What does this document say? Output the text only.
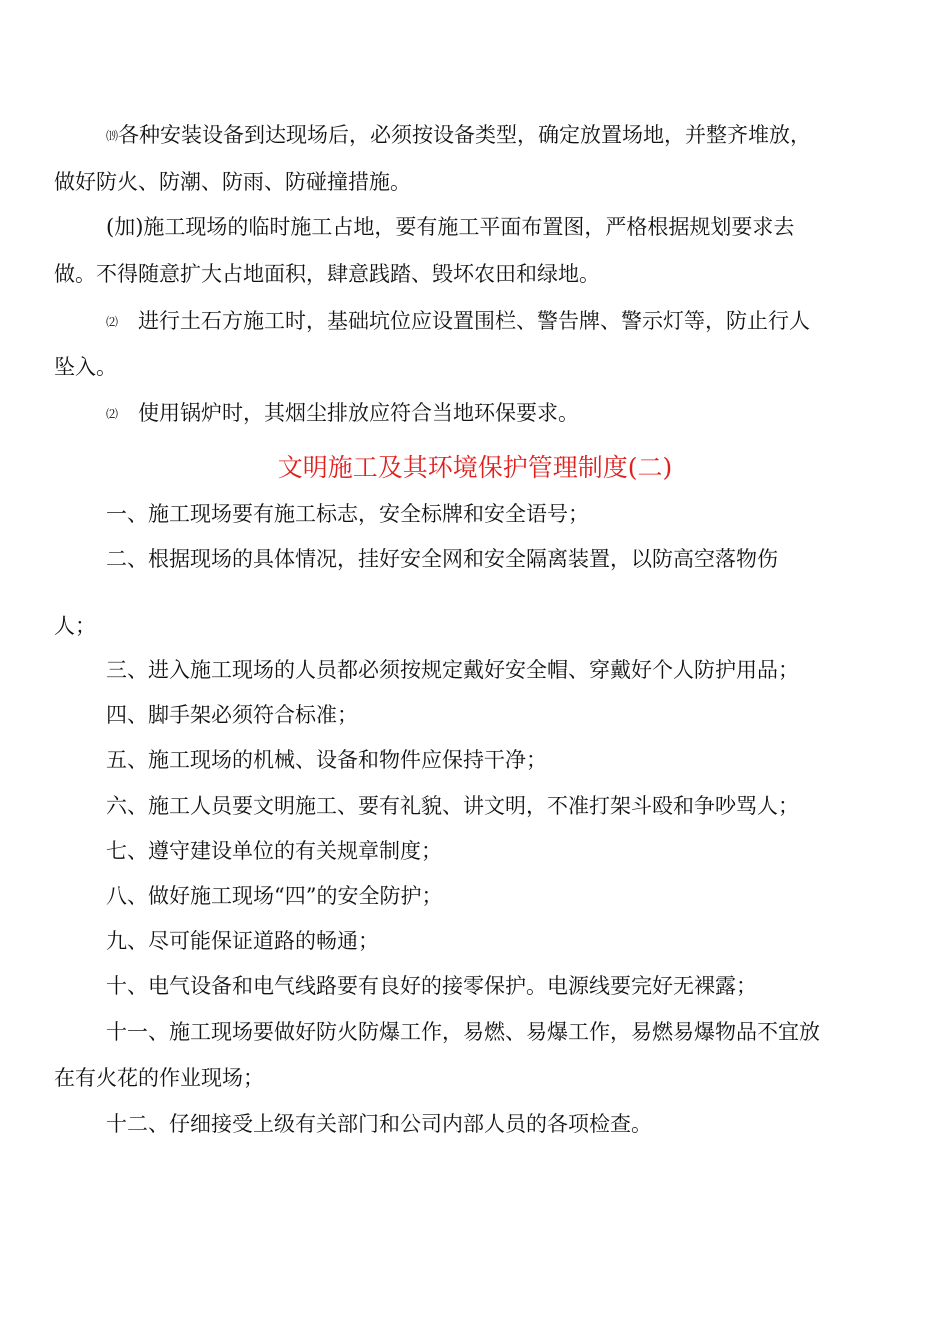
⒆各种安装设备到达现场后，必须按设备类型，确定放置场地，并整齐堆放，
做好防火、防潮、防雨、防碰撞措施。
(加)施工现场的临时施工占地，要有施工平面布置图，严格根据规划要求去
做。不得随意扩大占地面积，肆意践踏、毁坏农田和绿地。
⑵ 进行土石方施工时，基础坑位应设置围栏、警告牌、警示灯等，防止行人
坠入。
⑵ 使用锅炉时，其烟尘排放应符合当地环保要求。
文明施工及其环境保护管理制度(二)
一、施工现场要有施工标志，安全标牌和安全语号；
二、根据现场的具体情况，挂好安全网和安全隔离装置，以防高空落物伤
人；
三、进入施工现场的人员都必须按规定戴好安全帽、穿戴好个人防护用品；
四、脚手架必须符合标准；
五、施工现场的机械、设备和物件应保持干净；
六、施工人员要文明施工、要有礼貌、讲文明，不准打架斗殴和争吵骂人；
七、遵守建设单位的有关规章制度；
八、做好施工现场“四”的安全防护；
九、尽可能保证道路的畅通；
十、电气设备和电气线路要有良好的接零保护。电源线要完好无裸露；
十一、施工现场要做好防火防爆工作，易燃、易爆工作，易燃易爆物品不宜放
在有火花的作业现场；
十二、仔细接受上级有关部门和公司内部人员的各项检查。
